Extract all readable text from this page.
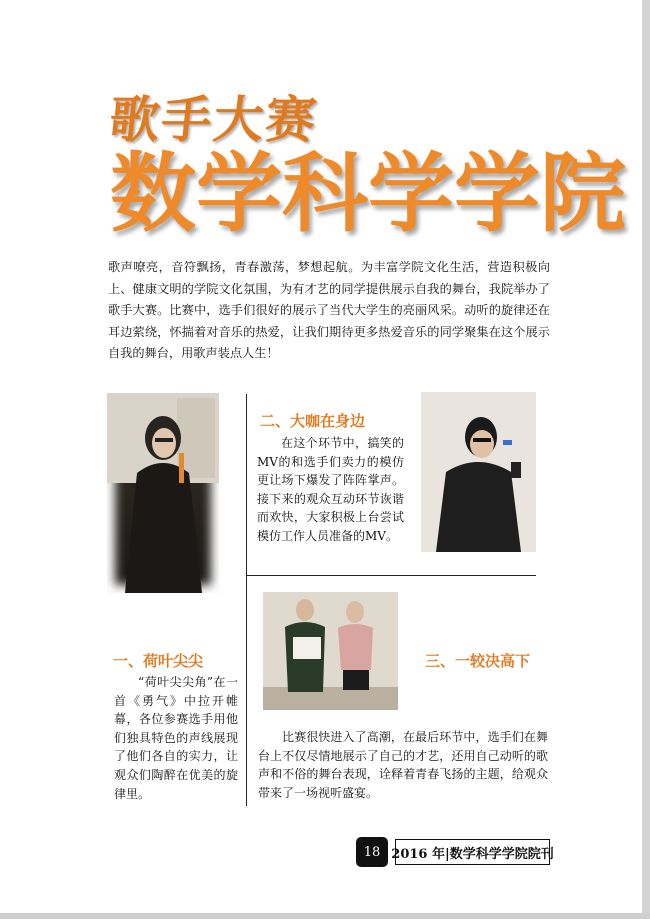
歌手大赛
数学科学学院
歌声嘹亮，音符飘扬，青春激荡，梦想起航。为丰富学院文化生活，营造积极向上、健康文明的学院文化氛围，为有才艺的同学提供展示自我的舞台，我院举办了歌手大赛。比赛中，选手们很好的展示了当代大学生的亮丽风采。动听的旋律还在耳边萦绕，怀揣着对音乐的热爱，让我们期待更多热爱音乐的同学聚集在这个展示自我的舞台，用歌声装点人生！
二、大咖在身边
在这个环节中，搞笑的MV的和选手们卖力的模仿更让场下爆发了阵阵掌声。接下来的观众互动环节诙谐而欢快，大家积极上台尝试模仿工作人员准备的MV。
一、荷叶尖尖
“荷叶尖尖角”在一首《勇气》中拉开帷幕，各位参赛选手用他们独具特色的声线展现了他们各自的实力，让观众们陶醉在优美的旋律里。
三、一较决高下
比赛很快进入了高潮，在最后环节中，选手们在舞台上不仅尽情地展示了自己的才艺，还用自己动听的歌声和不俗的舞台表现，诠释着青春飞扬的主题，给观众带来了一场视听盛宴。
18 2016 年|数学科学学院院刊
